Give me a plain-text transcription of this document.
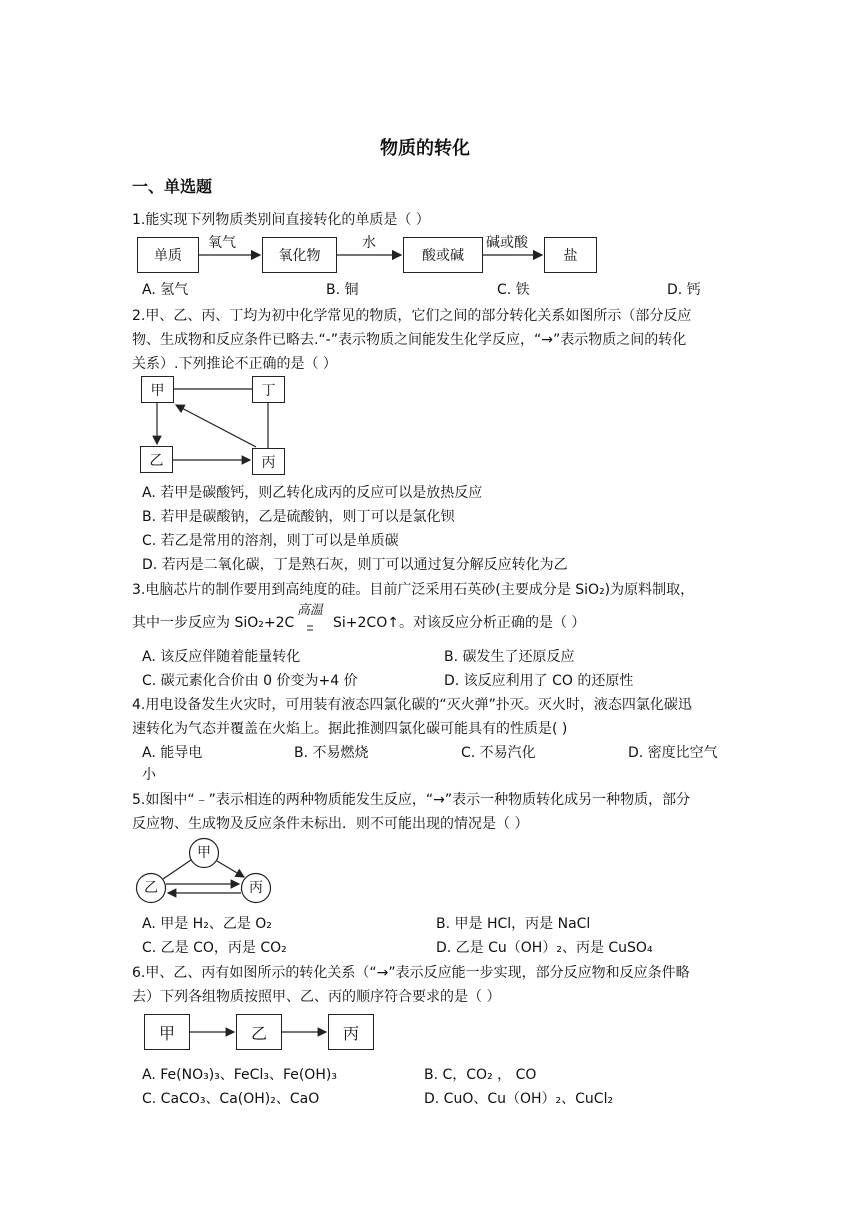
物质的转化
一、单选题
1.能实现下列物质类别间直接转化的单质是（ ）
单质	氧化物	酸或碱	盐
氧气	水	碱或酸
A. 氢气	B. 铜	C. 铁	D. 钙
2.甲、乙、丙、丁均为初中化学常见的物质，它们之间的部分转化关系如图所示（部分反应
物、生成物和反应条件已略去.“-”表示物质之间能发生化学反应，“→”表示物质之间的转化
关系）.下列推论不正确的是（ ）
甲	丁
乙	丙
A. 若甲是碳酸钙，则乙转化成丙的反应可以是放热反应
B. 若甲是碳酸钠，乙是硫酸钠，则丁可以是氯化钡
C. 若乙是常用的溶剂，则丁可以是单质碳
D. 若丙是二氧化碳，丁是熟石灰，则丁可以通过复分解反应转化为乙
3.电脑芯片的制作要用到高纯度的硅。目前广泛采用石英砂(主要成分是 SiO₂)为原料制取，
其中一步反应为 SiO₂+2C
高温
Si+2CO↑。对该反应分析正确的是（ ）
A. 该反应伴随着能量转化	B. 碳发生了还原反应
C. 碳元素化合价由 0 价变为+4 价	D. 该反应利用了 CO 的还原性
4.用电设备发生火灾时，可用装有液态四氯化碳的“灭火弹”扑灭。灭火时，液态四氯化碳迅
速转化为气态并覆盖在火焰上。据此推测四氯化碳可能具有的性质是( )
A. 能导电	B. 不易燃烧	C. 不易汽化	D. 密度比空气
小
5.如图中“﹣”表示相连的两种物质能发生反应，“→”表示一种物质转化成另一种物质，部分
反应物、生成物及反应条件未标出．则不可能出现的情况是（ ）
甲
乙	丙
A. 甲是 H₂、乙是 O₂	B. 甲是 HCl，丙是 NaCl
C. 乙是 CO，丙是 CO₂	D. 乙是 Cu（OH）₂、丙是 CuSO₄
6.甲、乙、丙有如图所示的转化关系（“→”表示反应能一步实现，部分反应物和反应条件略
去）下列各组物质按照甲、乙、丙的顺序符合要求的是（ ）
甲	乙	丙
A. Fe(NO₃)₃、FeCl₃、Fe(OH)₃	B. C，CO₂ ， CO
C. CaCO₃、Ca(OH)₂、CaO	D. CuO、Cu（OH）₂、CuCl₂
